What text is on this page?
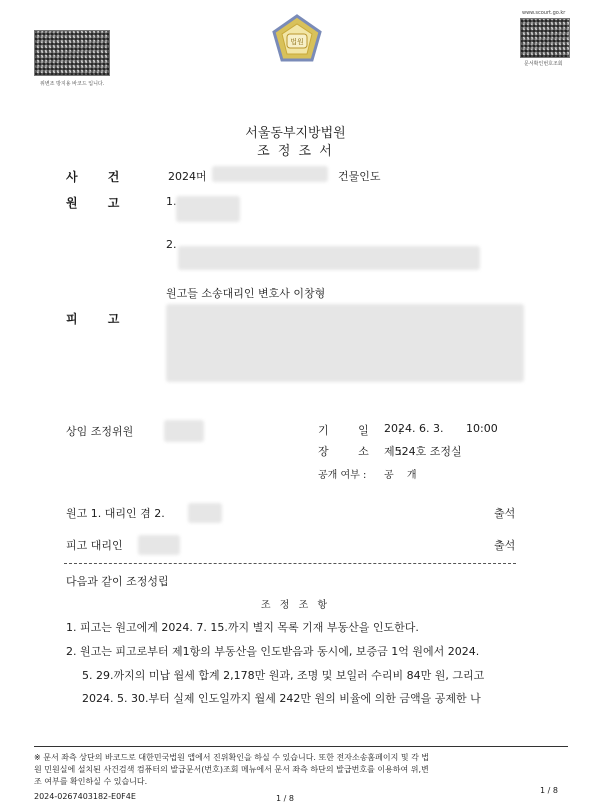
위변조 방지용 바코드 입니다.
www.scourt.go.kr
문서확인번호조회
법원
서울동부지방법원
조 정 조 서
사 건	2024머	건물인도
원 고	1.
2.
원고들 소송대리인 변호사 이창형
피 고
상임 조정위원	기 일 :
2024. 6. 3. 10:00
장 소 :
제524호 조정실
공개 여부 : 공 개
원고 1. 대리인 겸 2.	출석
피고 대리인	출석
다음과 같이 조정성립
조 정 조 항
1. 피고는 원고에게 2024. 7. 15.까지 별지 목록 기재 부동산을 인도한다.
2. 원고는 피고로부터 제1항의 부동산을 인도받음과 동시에, 보증금 1억 원에서 2024.
5. 29.까지의 미납 월세 합계 2,178만 원과, 조명 및 보일러 수리비 84만 원, 그리고
2024. 5. 30.부터 실제 인도일까지 월세 242만 원의 비율에 의한 금액을 공제한 나
※ 문서 좌측 상단의 바코드로 대한민국법원 앱에서 진위확인을 하실 수 있습니다. 또한 전자소송홈페이지 및 각 법
원 민원실에 설치된 사건검색 컴퓨터의 발급문서(번호)조회 메뉴에서 문서 좌측 하단의 발급번호를 이용하여 위,변
조 여부를 확인하실 수 있습니다.
2024-0267403182-E0F4E	1 / 8
1 / 8
